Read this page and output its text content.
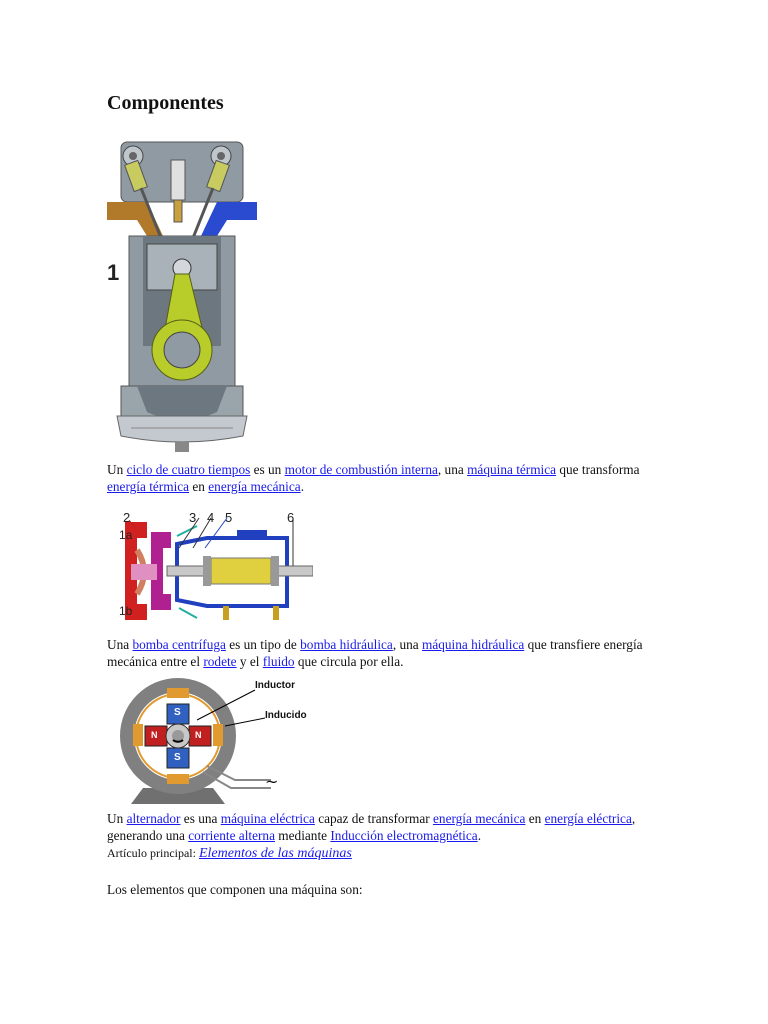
Componentes
1

Un ciclo de cuatro tiempos es un motor de combustión interna, una máquina térmica que transforma energía térmica en energía mecánica.

2	3 4 5	6
1a
1b

Una bomba centrífuga es un tipo de bomba hidráulica, una máquina hidráulica que transfiere energía mecánica entre el rodete y el fluido que circula por ella.

Inductor
Inducido
S
S
N	N
~

Un alternador es una máquina eléctrica capaz de transformar energía mecánica en energía eléctrica, generando una corriente alterna mediante Inducción electromagnética.

Artículo principal: Elementos de las máquinas

Los elementos que componen una máquina son:
